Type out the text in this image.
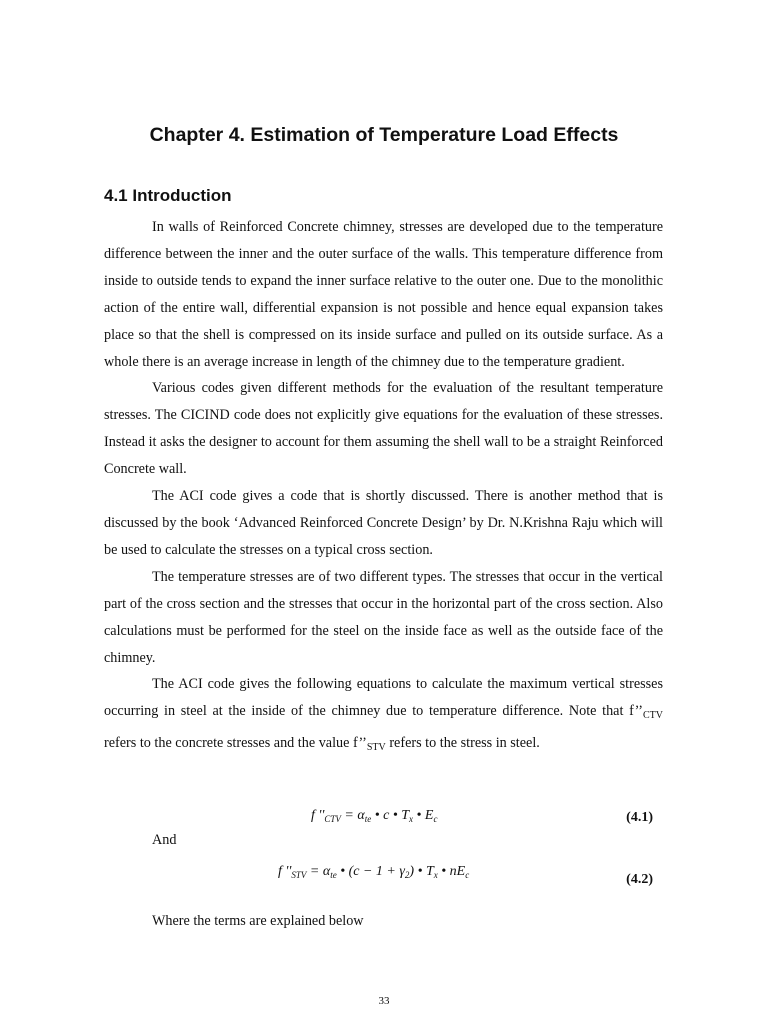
Chapter 4. Estimation of Temperature Load Effects
4.1 Introduction

In walls of Reinforced Concrete chimney, stresses are developed due to the temperature difference between the inner and the outer surface of the walls. This temperature difference from inside to outside tends to expand the inner surface relative to the outer one. Due to the monolithic action of the entire wall, differential expansion is not possible and hence equal expansion takes place so that the shell is compressed on its inside surface and pulled on its outside surface. As a whole there is an average increase in length of the chimney due to the temperature gradient.

Various codes given different methods for the evaluation of the resultant temperature stresses. The CICIND code does not explicitly give equations for the evaluation of these stresses. Instead it asks the designer to account for them assuming the shell wall to be a straight Reinforced Concrete wall.

The ACI code gives a code that is shortly discussed. There is another method that is discussed by the book ‘Advanced Reinforced Concrete Design’ by Dr. N.Krishna Raju which will be used to calculate the stresses on a typical cross section.

The temperature stresses are of two different types. The stresses that occur in the vertical part of the cross section and the stresses that occur in the horizontal part of the cross section. Also calculations must be performed for the steel on the inside face as well as the outside face of the chimney.

The ACI code gives the following equations to calculate the maximum vertical stresses occurring in steel at the inside of the chimney due to temperature difference. Note that $f’’_{CTV}$ refers to the concrete stresses and the value $f’’_{STV}$ refers to the stress in steel.

f ''$_{CTV} = \alpha_{te}$ • c • $T_x$ • $E_c$	(4.1)
And
f ''$_{STV} = \alpha_{te}$ • $(c - 1 + \gamma_2)$ • $T_x$ • $nE_c$	(4.2)
Where the terms are explained below
33
